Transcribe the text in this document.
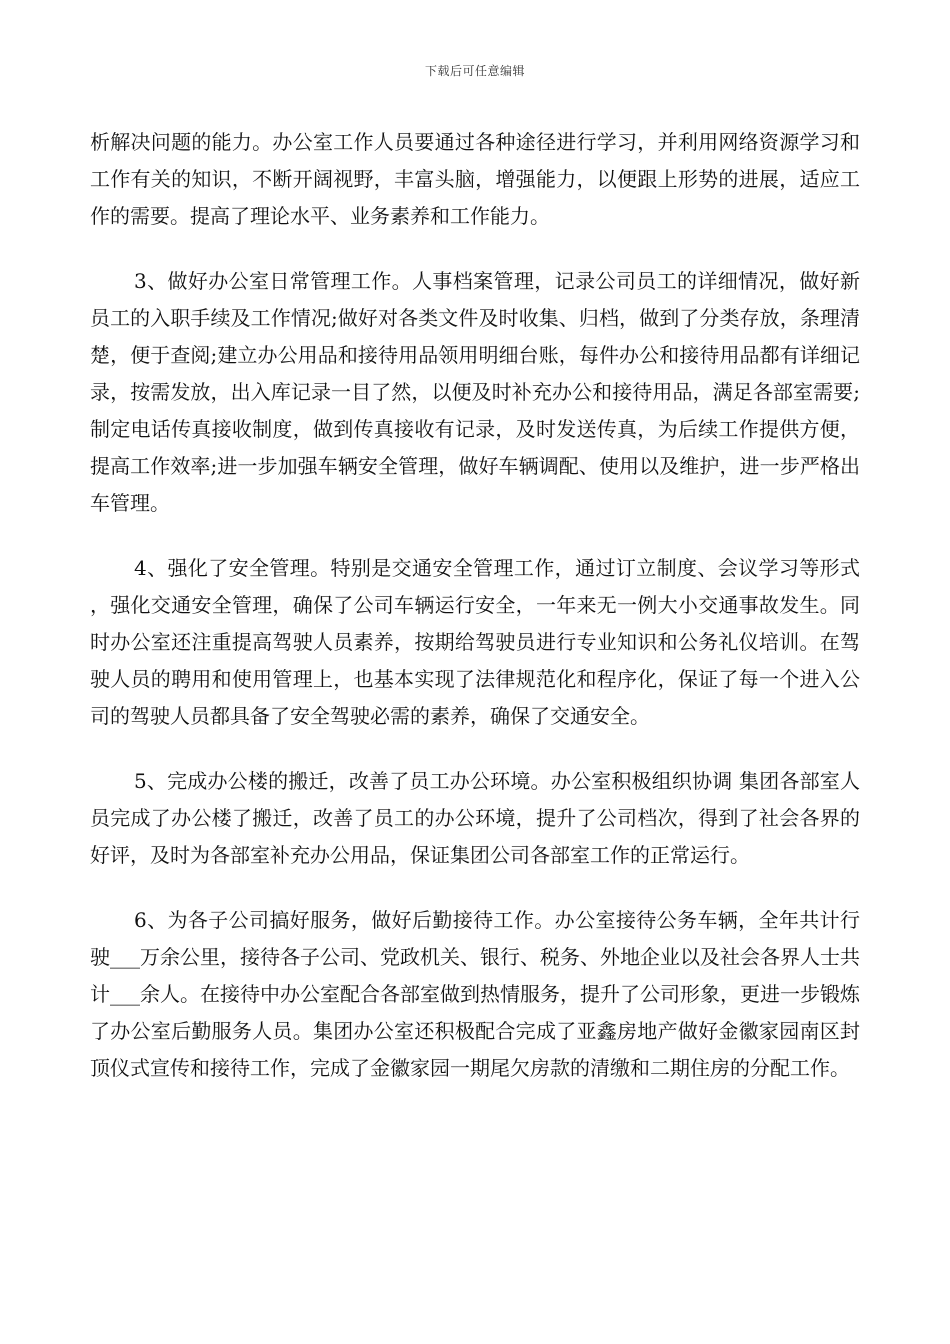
下载后可任意编辑

析解决问题的能力。办公室工作人员要通过各种途径进行学习，并利用网络资源学习和工作有关的知识，不断开阔视野，丰富头脑，增强能力，以便跟上形势的进展，适应工作的需要。提高了理论水平、业务素养和工作能力。

3、做好办公室日常管理工作。人事档案管理，记录公司员工的详细情况，做好新员工的入职手续及工作情况;做好对各类文件及时收集、归档，做到了分类存放，条理清楚，便于查阅;建立办公用品和接待用品领用明细台账，每件办公和接待用品都有详细记录，按需发放，出入库记录一目了然，以便及时补充办公和接待用品，满足各部室需要;制定电话传真接收制度，做到传真接收有记录，及时发送传真，为后续工作提供方便，提高工作效率;进一步加强车辆安全管理，做好车辆调配、使用以及维护，进一步严格出车管理。

4、强化了安全管理。特别是交通安全管理工作，通过订立制度、会议学习等形式，强化交通安全管理，确保了公司车辆运行安全，一年来无一例大小交通事故发生。同时办公室还注重提高驾驶人员素养，按期给驾驶员进行专业知识和公务礼仪培训。在驾驶人员的聘用和使用管理上，也基本实现了法律规范化和程序化，保证了每一个进入公司的驾驶人员都具备了安全驾驶必需的素养，确保了交通安全。

5、完成办公楼的搬迁，改善了员工办公环境。办公室积极组织协调 集团各部室人员完成了办公楼了搬迁，改善了员工的办公环境，提升了公司档次，得到了社会各界的好评，及时为各部室补充办公用品，保证集团公司各部室工作的正常运行。

6、为各子公司搞好服务，做好后勤接待工作。办公室接待公务车辆，全年共计行驶___万余公里，接待各子公司、党政机关、银行、税务、外地企业以及社会各界人士共计___余人。在接待中办公室配合各部室做到热情服务，提升了公司形象，更进一步锻炼了办公室后勤服务人员。集团办公室还积极配合完成了亚鑫房地产做好金徽家园南区封顶仪式宣传和接待工作，完成了金徽家园一期尾欠房款的清缴和二期住房的分配工作。
